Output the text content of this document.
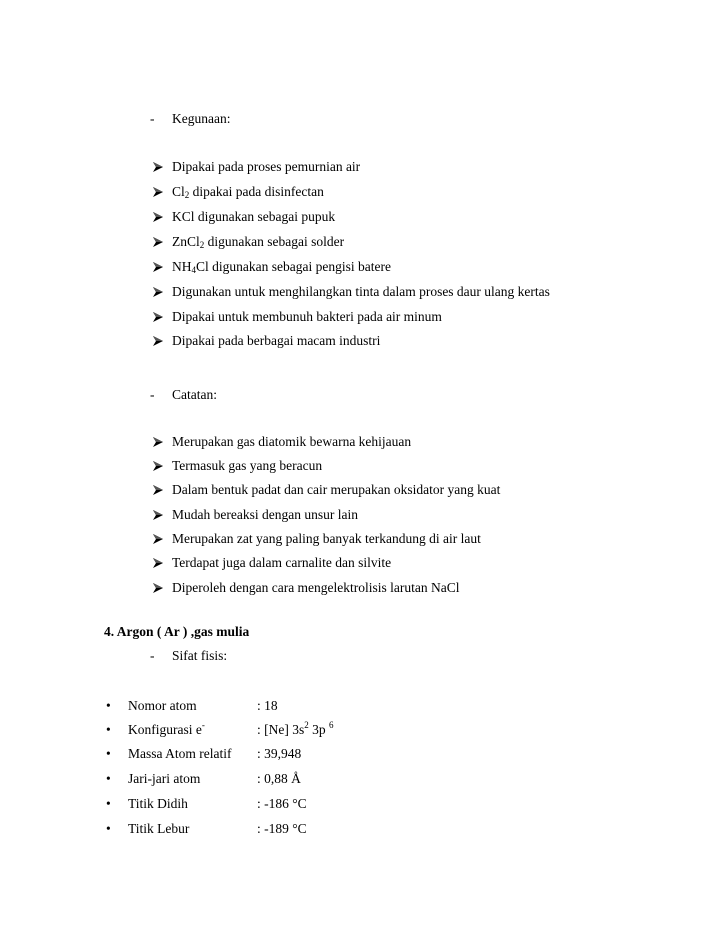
- Kegunaan:
Dipakai pada proses pemurnian air
$Cl_2$ dipakai pada disinfectan
KCl digunakan sebagai pupuk
ZnCl$_2$ digunakan sebagai solder
$NH_4Cl$ digunakan sebagai pengisi batere
Digunakan untuk menghilangkan tinta dalam proses daur ulang kertas
Dipakai untuk membunuh bakteri pada air minum
Dipakai pada berbagai macam industri
- Catatan:
Merupakan gas diatomik bewarna kehijauan
Termasuk gas yang beracun
Dalam bentuk padat dan cair merupakan oksidator yang kuat
Mudah bereaksi dengan unsur lain
Merupakan zat yang paling banyak terkandung di air laut
Terdapat juga dalam carnalite dan silvite
Diperoleh dengan cara mengelektrolisis larutan NaCl
4. Argon ( Ar ) ,gas mulia
- Sifat fisis:
• Nomor atom	: 18
• Konfigurasi e-	: [Ne] $3s^2$ 3p $^6$
• Massa Atom relatif : 39,948
• Jari-jari atom	: 0,88 Å
• Titik Didih	: -186 °C
• Titik Lebur	: -189 °C
